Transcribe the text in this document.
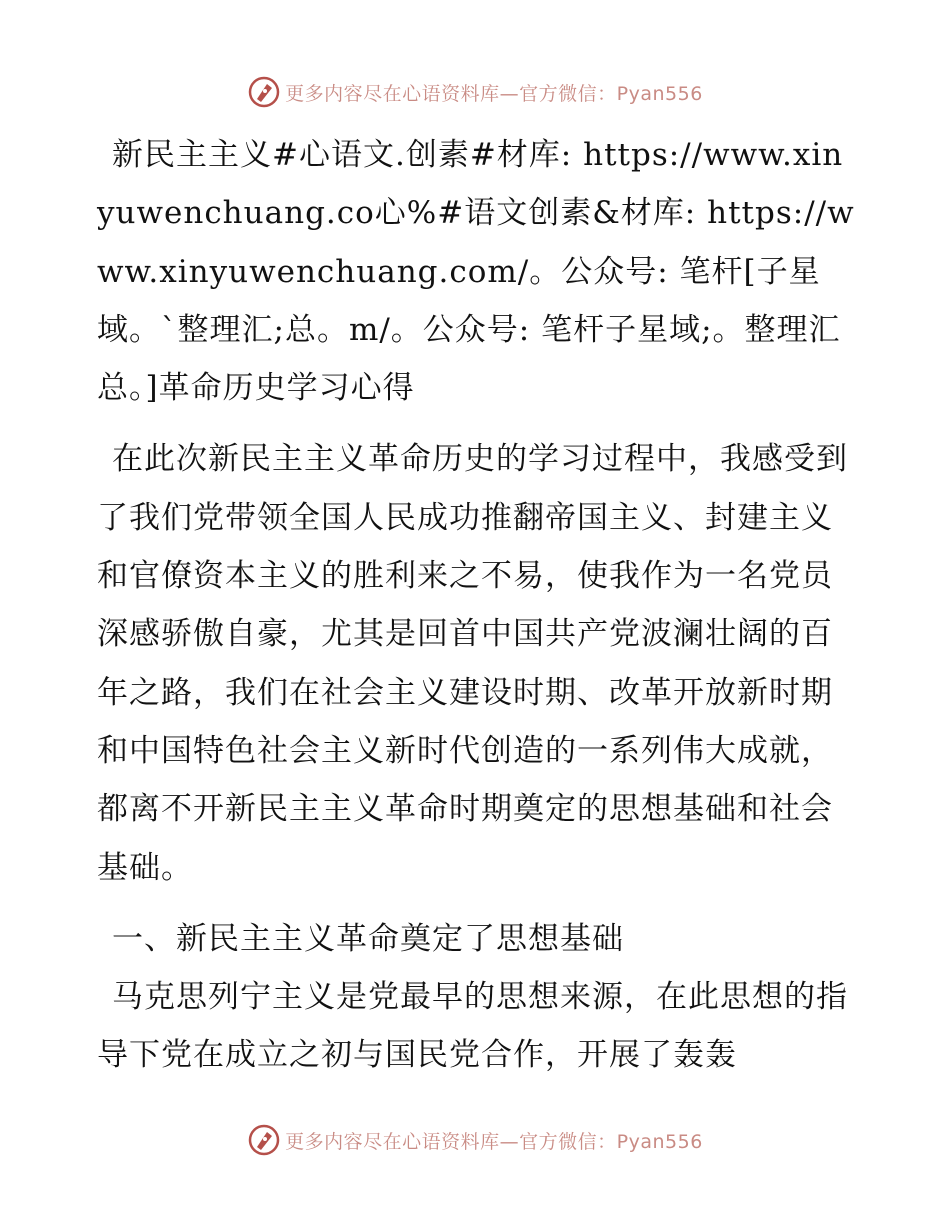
更多内容尽在心语资料库—官方微信：Pyan556

新民主主义#心语文.创素#材库: https://www.xinyuwenchuang.co心%#语文创素&材库: https://www.xinyuwenchuang.com/。公众号: 笔杆[子星域。`整理汇;总。m/。公众号: 笔杆子星域;。整理汇总。]革命历史学习心得

在此次新民主主义革命历史的学习过程中，我感受到了我们党带领全国人民成功推翻帝国主义、封建主义和官僚资本主义的胜利来之不易，使我作为一名党员深感骄傲自豪，尤其是回首中国共产党波澜壮阔的百年之路，我们在社会主义建设时期、改革开放新时期和中国特色社会主义新时代创造的一系列伟大成就，都离不开新民主主义革命时期奠定的思想基础和社会基础。

一、新民主主义革命奠定了思想基础

马克思列宁主义是党最早的思想来源，在此思想的指导下党在成立之初与国民党合作，开展了轰轰

更多内容尽在心语资料库—官方微信：Pyan556
